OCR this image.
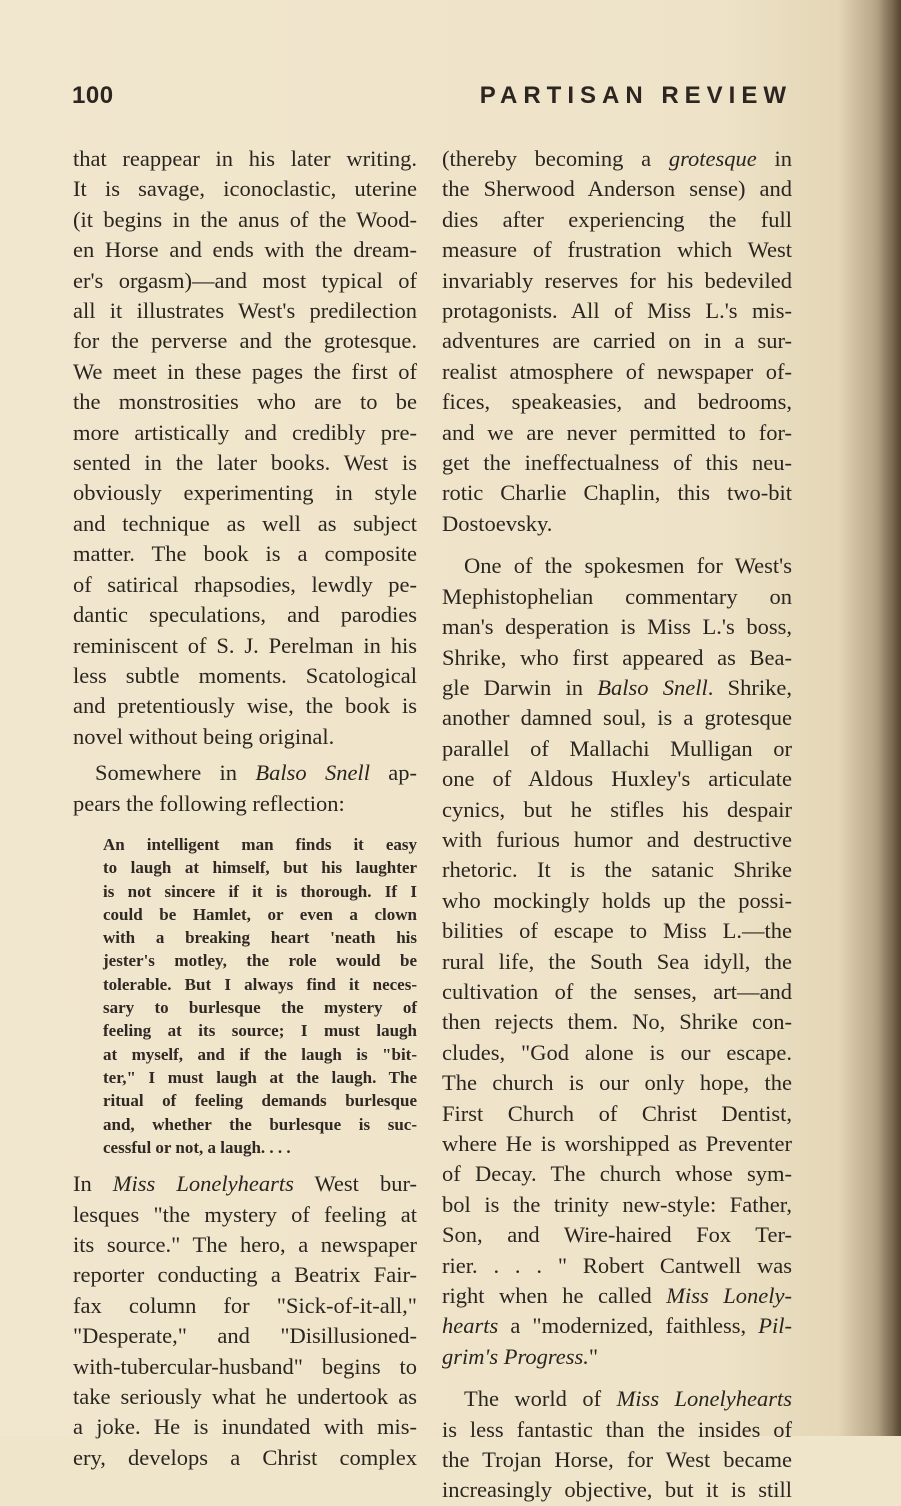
100	PARTISAN REVIEW
that reappear in his later writing.
It is savage, iconoclastic, uterine
(it begins in the anus of the Wood-
en Horse and ends with the dream-
er's orgasm)—and most typical of
all it illustrates West's predilection
for the perverse and the grotesque.
We meet in these pages the first of
the monstrosities who are to be
more artistically and credibly pre-
sented in the later books. West is
obviously experimenting in style
and technique as well as subject
matter. The book is a composite
of satirical rhapsodies, lewdly pe-
dantic speculations, and parodies
reminiscent of S. J. Perelman in his
less subtle moments. Scatological
and pretentiously wise, the book is
novel without being original.
Somewhere in Balso Snell ap-
pears the following reflection:
An intelligent man finds it easy
to laugh at himself, but his laughter
is not sincere if it is thorough. If I
could be Hamlet, or even a clown
with a breaking heart 'neath his
jester's motley, the role would be
tolerable. But I always find it neces-
sary to burlesque the mystery of
feeling at its source; I must laugh
at myself, and if the laugh is "bit-
ter," I must laugh at the laugh. The
ritual of feeling demands burlesque
and, whether the burlesque is suc-
cessful or not, a laugh. . . .
In Miss Lonelyhearts West bur-
lesques "the mystery of feeling at
its source." The hero, a newspaper
reporter conducting a Beatrix Fair-
fax column for "Sick-of-it-all,"
"Desperate," and "Disillusioned-
with-tubercular-husband" begins to
take seriously what he undertook as
a joke. He is inundated with mis-
ery, develops a Christ complex
(thereby becoming a grotesque in
the Sherwood Anderson sense) and
dies after experiencing the full
measure of frustration which West
invariably reserves for his bedeviled
protagonists. All of Miss L.'s mis-
adventures are carried on in a sur-
realist atmosphere of newspaper of-
fices, speakeasies, and bedrooms,
and we are never permitted to for-
get the ineffectualness of this neu-
rotic Charlie Chaplin, this two-bit
Dostoevsky.
One of the spokesmen for West's
Mephistophelian commentary on
man's desperation is Miss L.'s boss,
Shrike, who first appeared as Bea-
gle Darwin in Balso Snell. Shrike,
another damned soul, is a grotesque
parallel of Mallachi Mulligan or
one of Aldous Huxley's articulate
cynics, but he stifles his despair
with furious humor and destructive
rhetoric. It is the satanic Shrike
who mockingly holds up the possi-
bilities of escape to Miss L.—the
rural life, the South Sea idyll, the
cultivation of the senses, art—and
then rejects them. No, Shrike con-
cludes, "God alone is our escape.
The church is our only hope, the
First Church of Christ Dentist,
where He is worshipped as Preventer
of Decay. The church whose sym-
bol is the trinity new-style: Father,
Son, and Wire-haired Fox Ter-
rier. . . . " Robert Cantwell was
right when he called Miss Lonely-
hearts a "modernized, faithless, Pil-
grim's Progress."
The world of Miss Lonelyhearts
is less fantastic than the insides of
the Trojan Horse, for West became
increasingly objective, but it is still
